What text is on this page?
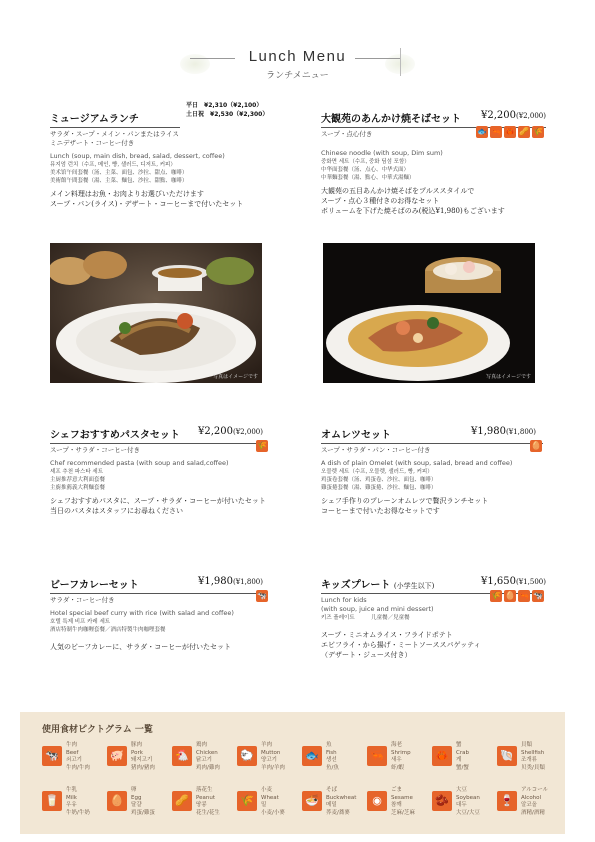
Lunch Menu
ランチメニュー
ミュージアムランチ
サラダ・スープ・メイン・パンまたはライス
ミニデザート・コーヒー付き
Lunch (soup, main dish, bread, salad, dessert, coffee)
뮤지엄 런치（수프, 메인, 빵, 샐러드, 디저트, 커피）
美术馆午间套餐（汤、主菜、面包、沙拉、甜点、咖啡）
美術館午間套餐（湯、主菜、麵包、沙拉、甜點、咖啡）
メイン料理はお魚・お肉よりお選びいただけます
スープ・パン(ライス)・デザート・コーヒーまで付いたセット
平日　 ¥2,310（¥2,100）
土日祝　 ¥2,530（¥2,300）
写真はイメージです
大観苑のあんかけ焼そばセット	¥2,200(¥2,000)
スープ・点心付き
Chinese noodle (with soup, Dim sum)
중화면 세트（수프, 중화 딤섬 포함）
中华面套餐（汤、点心、中华式面）
中華麵套餐（湯、點心、中華式湯麵）
大観苑の五目あんかけ焼そばをプルススタイルで
スープ・点心３種付きのお得なセット
ボリュームを下げた焼そばのみ(税込¥1,980)もございます
🐟 🦐 🦀 🥜 🌾
写真はイメージです
シェフおすすめパスタセット	¥2,200(¥2,000)
スープ・サラダ・コーヒー付き
Chef recommended pasta (with soup and salad,coffee)
셰프 추천 파스타 세트
主厨推荐意大利面套餐
主廚推薦義大利麵套餐
シェフおすすめパスタに、スープ・サラダ・コーヒーが付いたセット
当日のパスタはスタッフにお尋ねください
🌾
オムレツセット	¥1,980(¥1,800)
スープ・サラダ・パン・コーヒー付き
A dish of plain Omelet (with soup, salad, bread and coffee)
오믈렛 세트（수프, 오믈렛, 샐러드, 빵, 커피）
鸡蛋卷套餐（汤、鸡蛋卷、沙拉、面包、咖啡）
雞蛋捲套餐（湯、雞蛋捲、沙拉、麵包、咖啡）
シェフ手作りのプレーンオムレツで贅沢ランチセット
コーヒーまで付いたお得なセットです
🥚
ビーフカレーセット	¥1,980(¥1,800)
サラダ・コーヒー付き
Hotel special beef curry with rice (with salad and coffee)
호텔 특제 비프 카레 세트
酒店特制牛肉咖喱套餐／酒店特製牛肉咖哩套餐
人気のビーフカレーに、サラダ・コーヒーが付いたセット
🐄
キッズプレート (小学生以下)	¥1,650(¥1,500)
Lunch for kids
(with soup, juice and mini dessert)
키즈 플레이트　　　儿童餐／兒童餐
スープ・ミニオムライス・フライドポテト
エビフライ・から揚げ・ミートソーススパゲッティ
（デザート・ジュース付き）
🌾 🥚 🦐 🐄
使用食材ピクトグラム 一覧
🐄
牛肉
Beef
쇠고기
牛肉/牛肉
🐖
豚肉
Pork
돼지고기
猪肉/豬肉
🐔
鶏肉
Chicken
닭고기
鸡肉/雞肉
🐑
羊肉
Mutton
양고기
羊肉/羊肉
🐟
魚
Fish
생선
鱼/魚
🦐
海老
Shrimp
새우
虾/蝦
🦀
蟹
Crab
게
蟹/蟹
🐚
貝類
Shellfish
조개류
贝类/貝類
🥛
牛乳
Milk
우유
牛奶/牛奶
🥚
卵
Egg
달걀
鸡蛋/雞蛋
🥜
落花生
Peanut
땅콩
花生/花生
🌾
小麦
Wheat
밀
小麦/小麥
🍜
そば
Buckwheat
메밀
荞麦/蕎麥
◉
ごま
Sesame
참깨
芝麻/芝麻
🫘
大豆
Soybean
대두
大豆/大豆
🍷
アルコール
Alcohol
알코올
酒精/酒精
